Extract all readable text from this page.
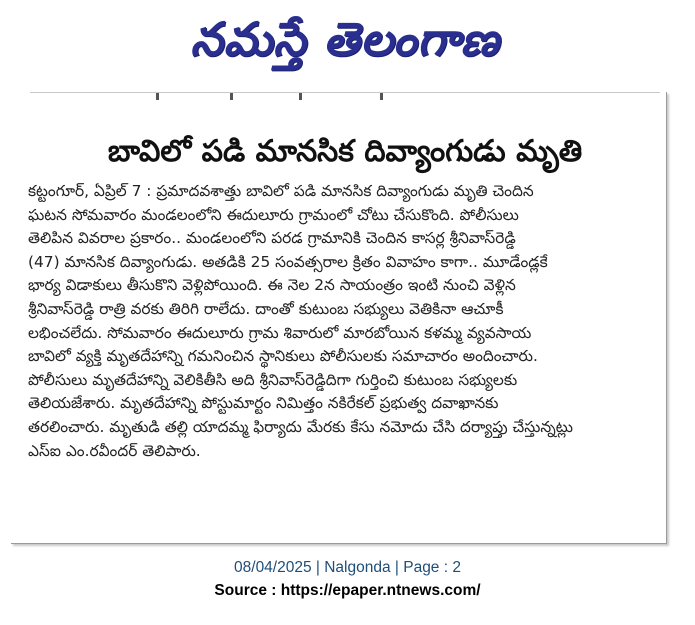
నమస్తే తెలంగాణ
బావిలో పడి మానసిక దివ్యాంగుడు మృతి
కట్టంగూర్, ఏప్రిల్ 7 : ప్రమాదవశాత్తు బావిలో పడి మానసిక దివ్యాంగుడు మృతి చెందిన
ఘటన సోమవారం మండలంలోని ఈదులూరు గ్రామంలో చోటు చేసుకొంది. పోలీసులు
తెలిపిన వివరాల ప్రకారం.. మండలంలోని పరడ గ్రామానికి చెందిన కాసర్ల శ్రీనివాస్‌రెడ్డి
(47) మానసిక దివ్యాంగుడు. అతడికి 25 సంవత్సరాల క్రితం వివాహం కాగా.. మూడేండ్లకే
భార్య విడాకులు తీసుకొని వెళ్లిపోయింది. ఈ నెల 2న సాయంత్రం ఇంటి నుంచి వెళ్లిన
శ్రీనివాస్‌రెడ్డి రాత్రి వరకు తిరిగి రాలేదు. దాంతో కుటుంబ సభ్యులు వెతికినా ఆచూకీ
లభించలేదు. సోమవారం ఈదులూరు గ్రామ శివారులో మారబోయిన కళమ్మ వ్యవసాయ
బావిలో వ్యక్తి మృతదేహాన్ని గమనించిన స్థానికులు పోలీసులకు సమాచారం అందించారు.
పోలీసులు మృతదేహాన్ని వెలికితీసి అది శ్రీనివాస్‌రెడ్డిదిగా గుర్తించి కుటుంబ సభ్యులకు
తెలియజేశారు. మృతదేహాన్ని పోస్టుమార్టం నిమిత్తం నకిరేకల్ ప్రభుత్వ దవాఖానకు
తరలించారు. మృతుడి తల్లి యాదమ్మ ఫిర్యాదు మేరకు కేసు నమోదు చేసి దర్యాప్తు చేస్తున్నట్లు
ఎస్ఐ ఎం.రవీందర్ తెలిపారు.
08/04/2025 | Nalgonda | Page : 2
Source : https://epaper.ntnews.com/
